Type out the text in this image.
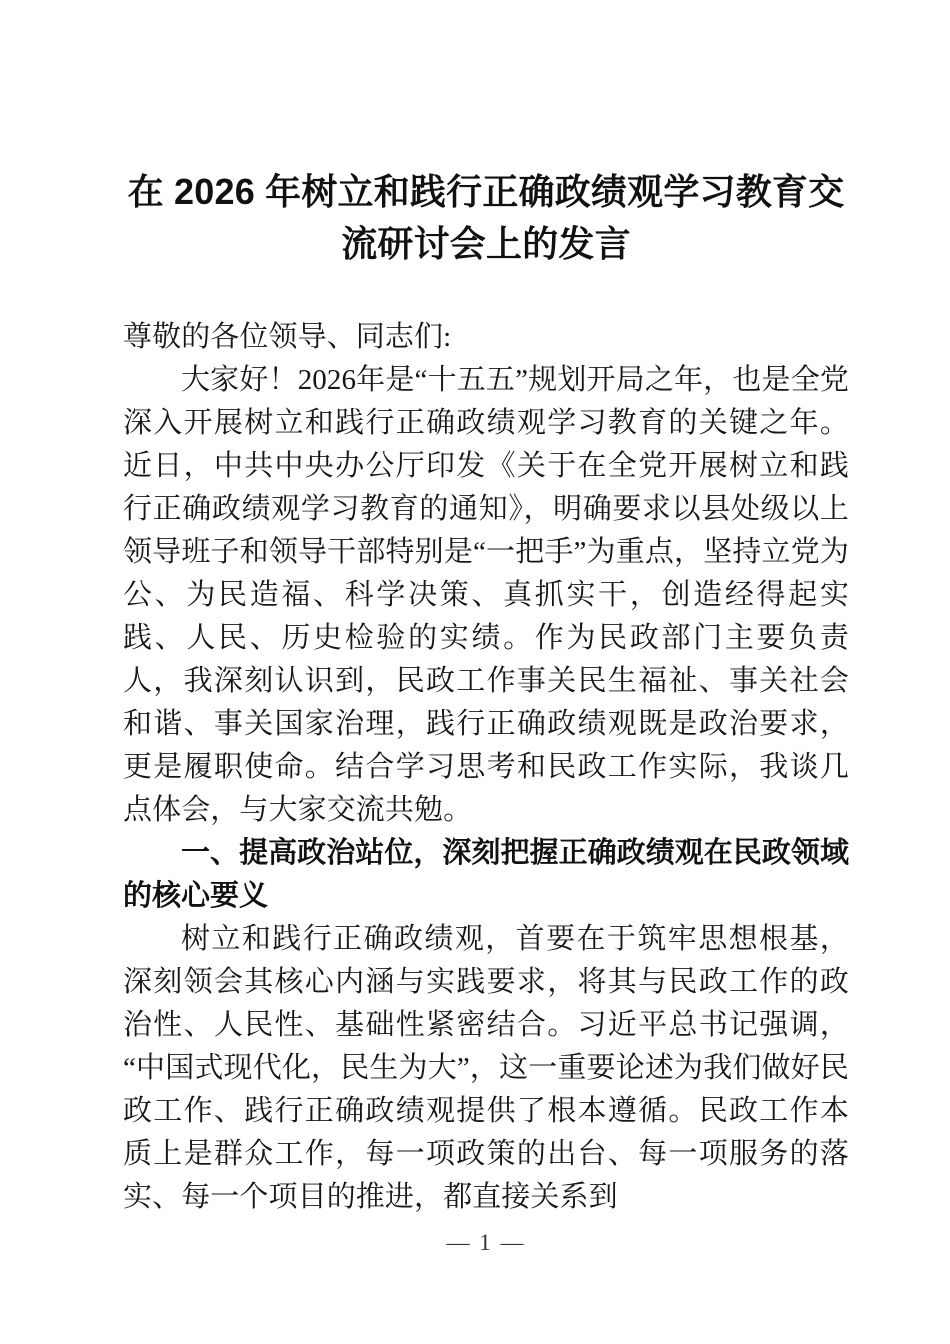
在 2026 年树立和践行正确政绩观学习教育交流研讨会上的发言

尊敬的各位领导、同志们:

大家好！2026年是“十五五”规划开局之年，也是全党深入开展树立和践行正确政绩观学习教育的关键之年。近日，中共中央办公厅印发《关于在全党开展树立和践行正确政绩观学习教育的通知》，明确要求以县处级以上领导班子和领导干部特别是“一把手”为重点，坚持立党为公、为民造福、科学决策、真抓实干，创造经得起实践、人民、历史检验的实绩。作为民政部门主要负责人，我深刻认识到，民政工作事关民生福祉、事关社会和谐、事关国家治理，践行正确政绩观既是政治要求，更是履职使命。结合学习思考和民政工作实际，我谈几点体会，与大家交流共勉。

一、提高政治站位，深刻把握正确政绩观在民政领域的核心要义

树立和践行正确政绩观，首要在于筑牢思想根基，深刻领会其核心内涵与实践要求，将其与民政工作的政治性、人民性、基础性紧密结合。习近平总书记强调，“中国式现代化，民生为大”，这一重要论述为我们做好民政工作、践行正确政绩观提供了根本遵循。民政工作本质上是群众工作，每一项政策的出台、每一项服务的落实、每一个项目的推进，都直接关系到

— 1 —
